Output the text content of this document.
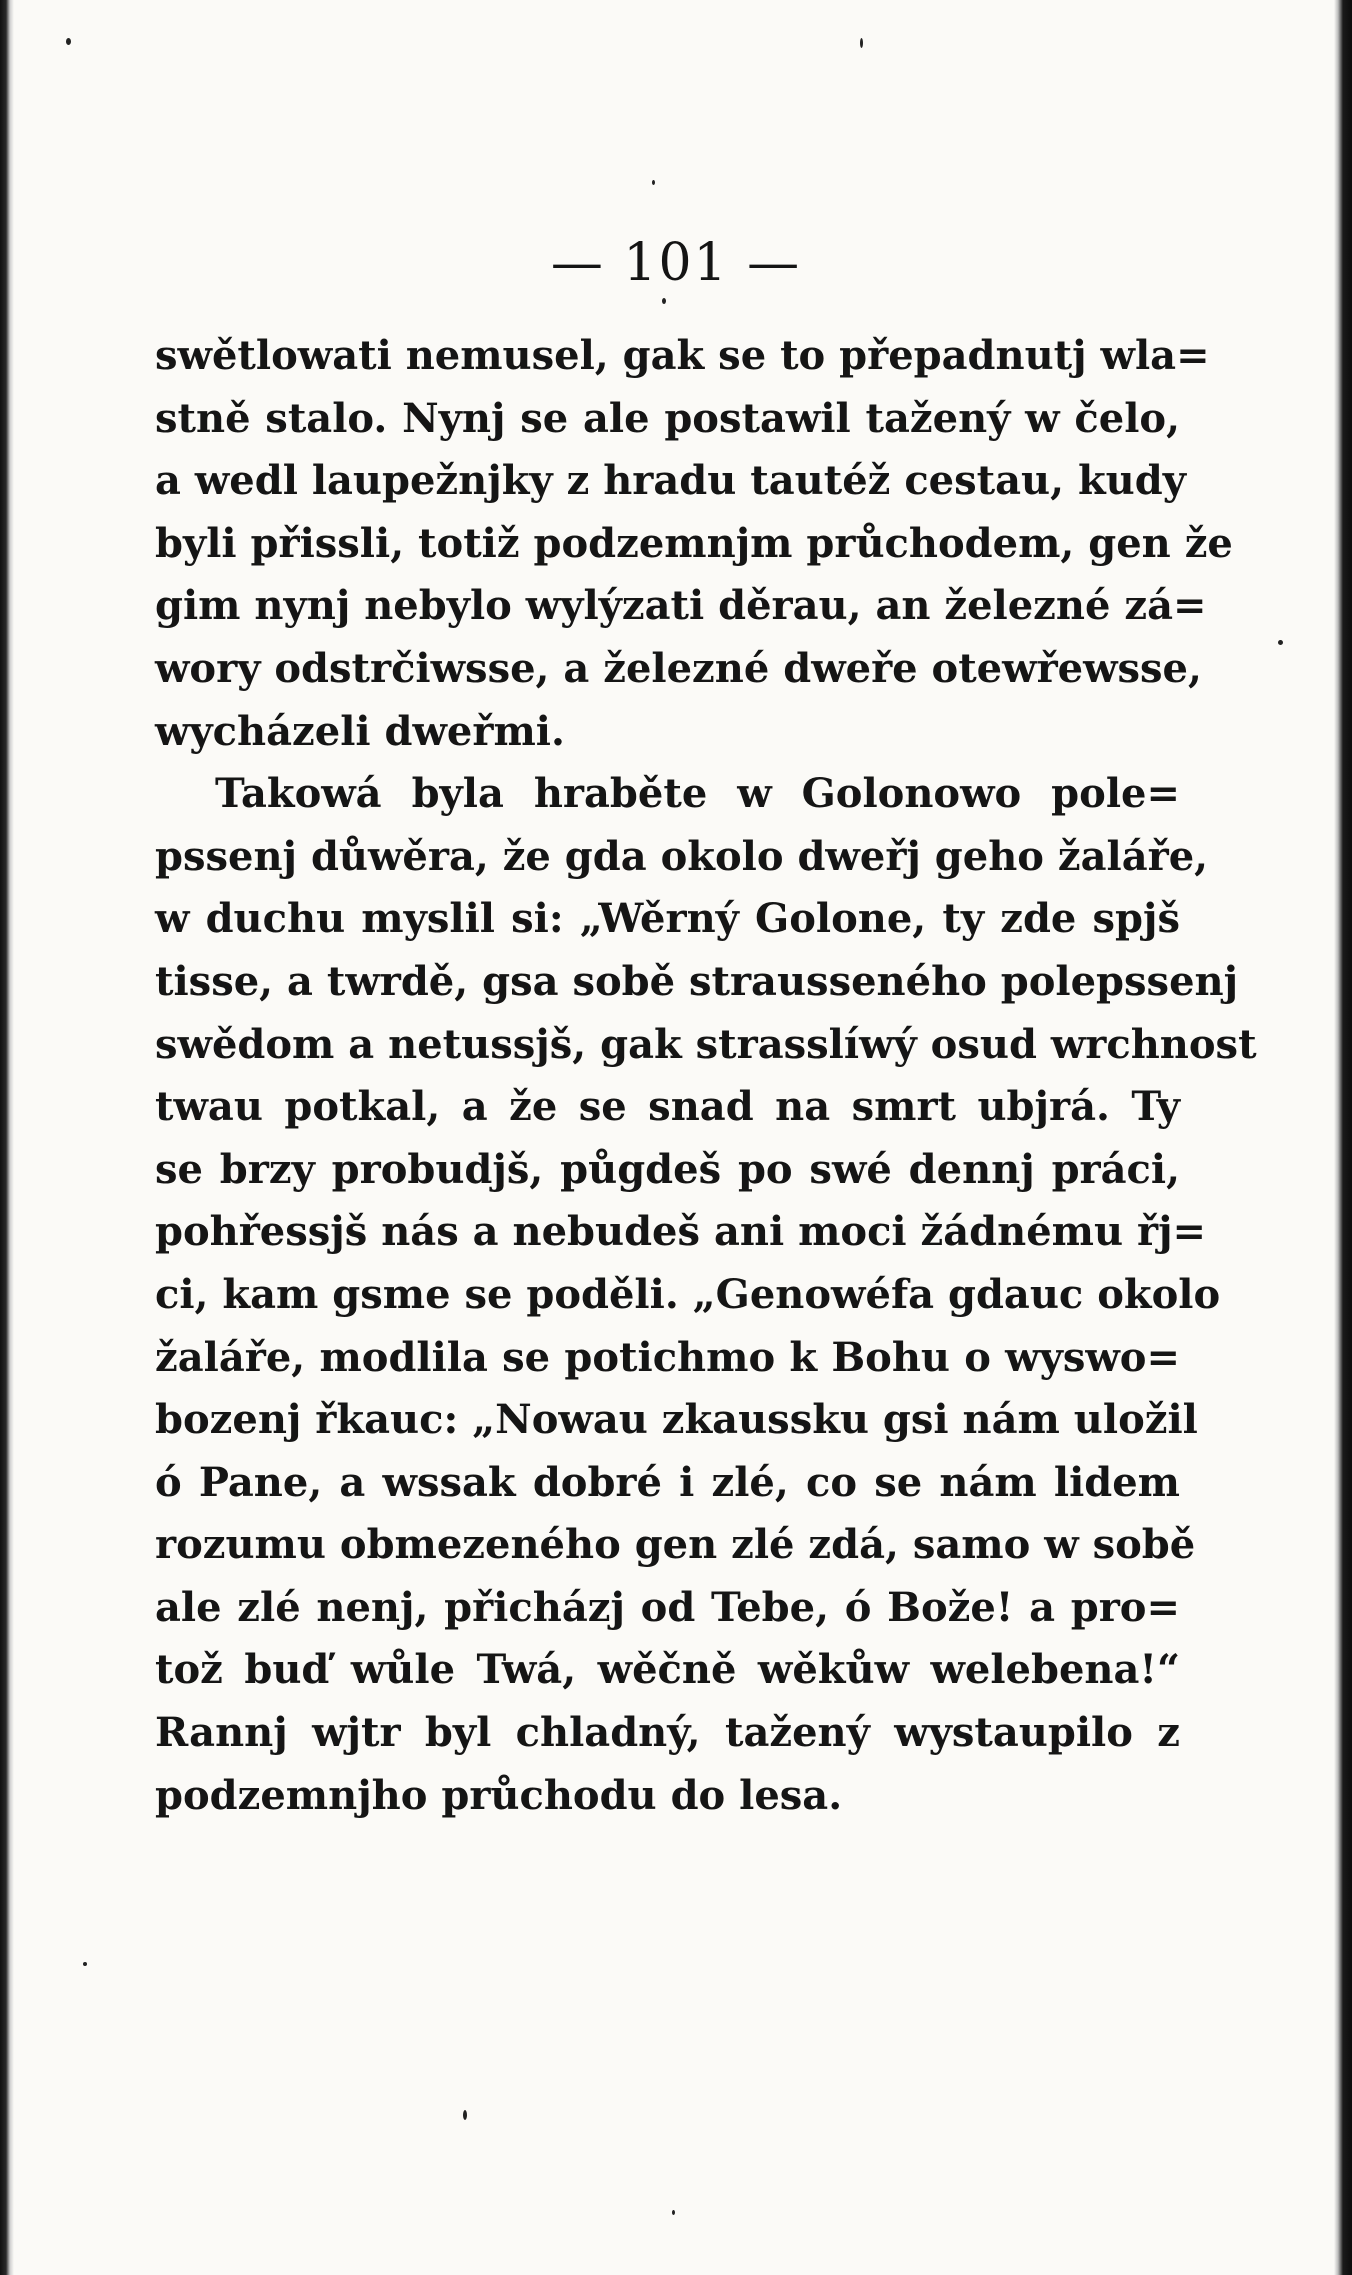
— 101 —
swětlowati nemusel, gak se to přepadnutj wla=
stně stalo. Nynj se ale postawil tažený w čelo,
a wedl laupežnjky z hradu tautéž cestau, kudy
byli přissli, totiž podzemnjm průchodem, gen že
gim nynj nebylo wylýzati děrau, an železné zá=
wory odstrčiwsse, a železné dweře otewřewsse,
wycházeli dweřmi.
Takowá byla hraběte w Golonowo pole=
pssenj důwěra, že gda okolo dweřj geho žaláře,
w duchu myslil si: „Wěrný Golone, ty zde spjš
tisse, a twrdě, gsa sobě strausseného polepssenj
swědom a netussjš, gak strasslíwý osud wrchnost
twau potkal, a že se snad na smrt ubjrá. Ty
se brzy probudjš, půgdeš po swé dennj práci,
pohřessjš nás a nebudeš ani moci žádnému řj=
ci, kam gsme se poděli. „Genowéfa gdauc okolo
žaláře, modlila se potichmo k Bohu o wyswo=
bozenj řkauc: „Nowau zkaussku gsi nám uložil
ó Pane, a wssak dobré i zlé, co se nám lidem
rozumu obmezeného gen zlé zdá, samo w sobě
ale zlé nenj, přicházj od Tebe, ó Bože! a pro=
tož buď wůle Twá, wěčně wěkůw welebena!“
Rannj wjtr byl chladný, tažený wystaupilo z
podzemnjho průchodu do lesa.
